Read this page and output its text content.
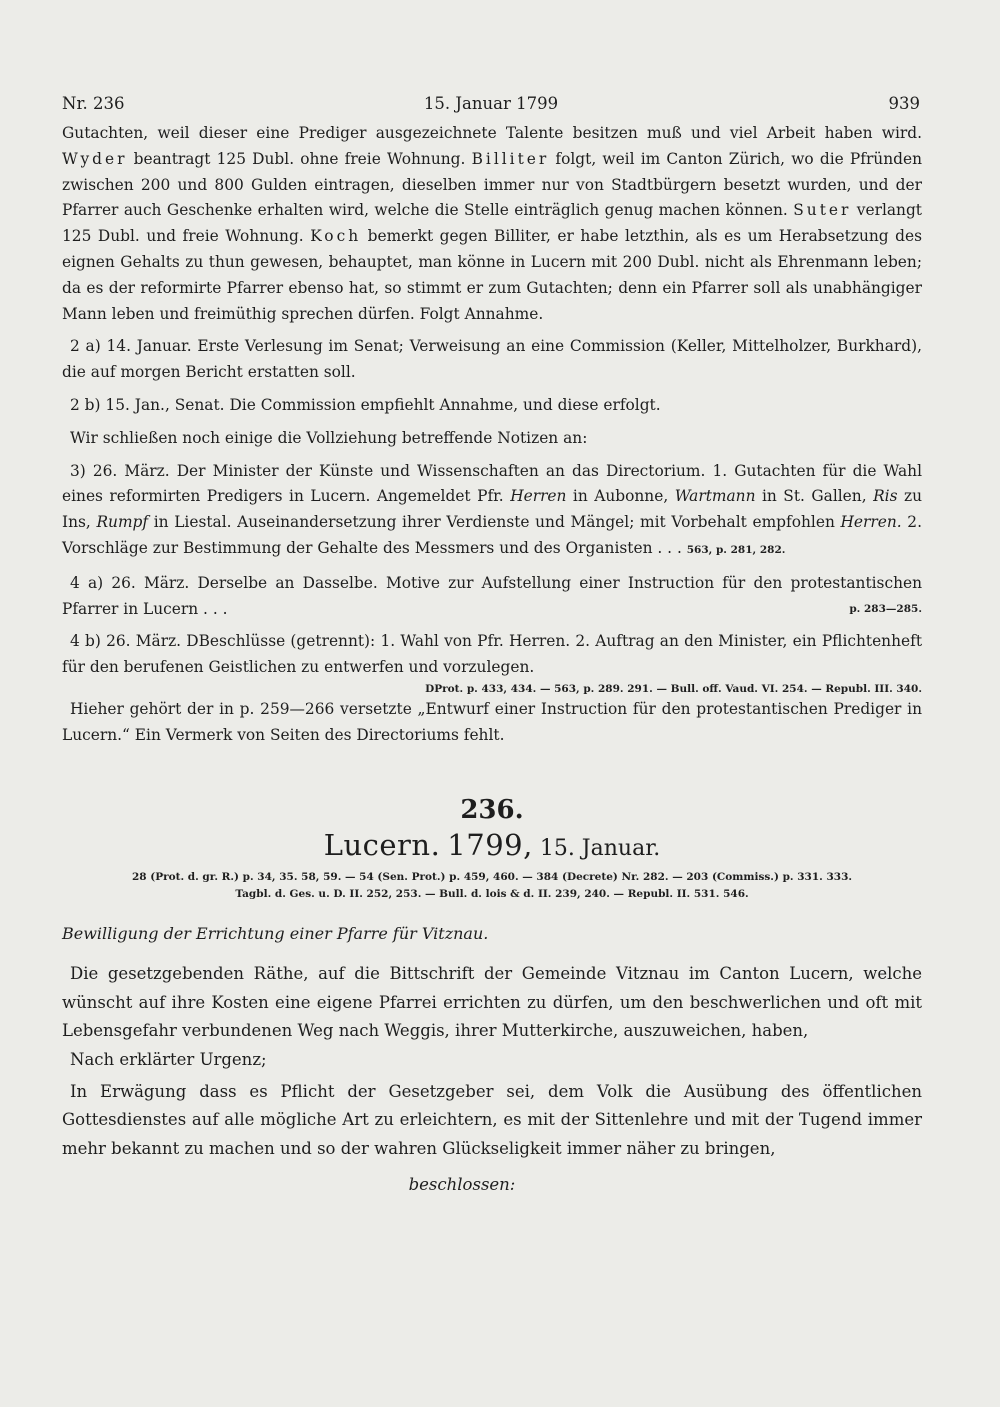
Nr. 236	15. Januar 1799	939

Gutachten, weil dieser eine Prediger ausgezeichnete Talente besitzen muß und viel Arbeit haben wird. Wyder beantragt 125 Dubl. ohne freie Wohnung. Billiter folgt, weil im Canton Zürich, wo die Pfründen zwischen 200 und 800 Gulden eintragen, dieselben immer nur von Stadtbürgern besetzt wurden, und der Pfarrer auch Geschenke erhalten wird, welche die Stelle einträglich genug machen können. Suter verlangt 125 Dubl. und freie Wohnung. Koch bemerkt gegen Billiter, er habe letzthin, als es um Herabsetzung des eignen Gehalts zu thun gewesen, behauptet, man könne in Lucern mit 200 Dubl. nicht als Ehrenmann leben; da es der reformirte Pfarrer ebenso hat, so stimmt er zum Gutachten; denn ein Pfarrer soll als unabhängiger Mann leben und freimüthig sprechen dürfen. Folgt Annahme.

2 a) 14. Januar. Erste Verlesung im Senat; Verweisung an eine Commission (Keller, Mittelholzer, Burkhard), die auf morgen Bericht erstatten soll.

2 b) 15. Jan., Senat. Die Commission empfiehlt Annahme, und diese erfolgt.

Wir schließen noch einige die Vollziehung betreffende Notizen an:

3) 26. März. Der Minister der Künste und Wissenschaften an das Directorium. 1. Gutachten für die Wahl eines reformirten Predigers in Lucern. Angemeldet Pfr. Herren in Aubonne, Wartmann in St. Gallen, Ris zu Ins, Rumpf in Liestal. Auseinandersetzung ihrer Verdienste und Mängel; mit Vorbehalt empfohlen Herren. 2. Vorschläge zur Bestimmung der Gehalte des Messmers und des Organisten . . . 563, p. 281, 282.

4 a) 26. März. Derselbe an Dasselbe. Motive zur Aufstellung einer Instruction für den protestantischen Pfarrer in Lucern . . .	p. 283—285.

4 b) 26. März. DBeschlüsse (getrennt): 1. Wahl von Pfr. Herren. 2. Auftrag an den Minister, ein Pflichtenheft für den berufenen Geistlichen zu entwerfen und vorzulegen.
DProt. p. 433, 434. — 563, p. 289. 291. — Bull. off. Vaud. VI. 254. — Republ. III. 340.

Hieher gehört der in p. 259—266 versetzte „Entwurf einer Instruction für den protestantischen Prediger in Lucern.“ Ein Vermerk von Seiten des Directoriums fehlt.

236.

Lucern. 1799, 15. Januar.

28 (Prot. d. gr. R.) p. 34, 35. 58, 59. — 54 (Sen. Prot.) p. 459, 460. — 384 (Decrete) Nr. 282. — 203 (Commiss.) p. 331. 333.
Tagbl. d. Ges. u. D. II. 252, 253. — Bull. d. lois & d. II. 239, 240. — Republ. II. 531. 546.

Bewilligung der Errichtung einer Pfarre für Vitznau.

Die gesetzgebenden Räthe, auf die Bittschrift der Gemeinde Vitznau im Canton Lucern, welche wünscht auf ihre Kosten eine eigene Pfarrei errichten zu dürfen, um den beschwerlichen und oft mit Lebensgefahr verbundenen Weg nach Weggis, ihrer Mutterkirche, auszuweichen, haben,

Nach erklärter Urgenz;

In Erwägung dass es Pflicht der Gesetzgeber sei, dem Volk die Ausübung des öffentlichen Gottesdienstes auf alle mögliche Art zu erleichtern, es mit der Sittenlehre und mit der Tugend immer mehr bekannt zu machen und so der wahren Glückseligkeit immer näher zu bringen,

beschlossen:
